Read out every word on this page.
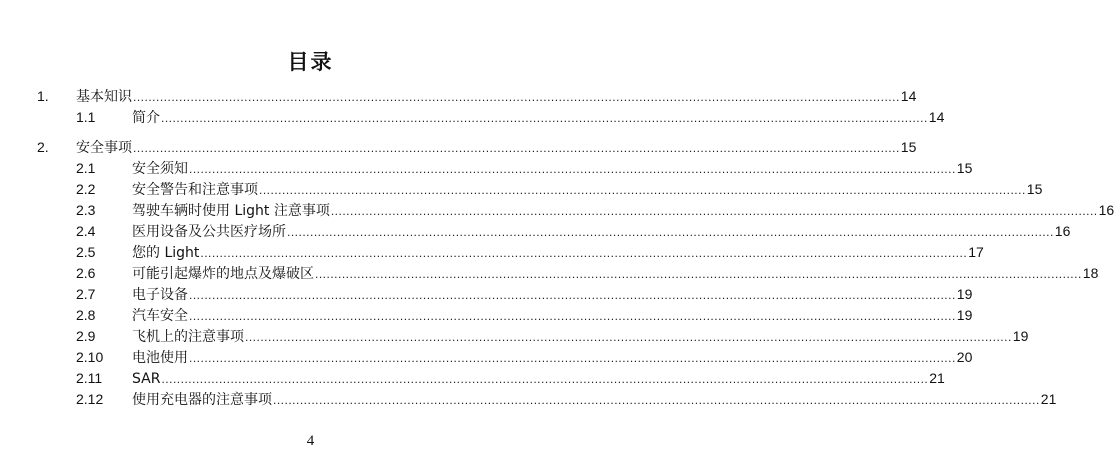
目录
1. 基本知识 ........................................................................................................................................................................................................ 14
1.1	简介 ........................................................................................................................................................................................................ 14
2. 安全事项 ........................................................................................................................................................................................................ 15
2.1	安全须知 ........................................................................................................................................................................................................ 15
2.2	安全警告和注意事项 ........................................................................................................................................................................................................ 15
2.3	驾驶车辆时使用 Light 注意事项 ........................................................................................................................................................................................................ 16
2.4	医用设备及公共医疗场所 ........................................................................................................................................................................................................ 16
2.5	您的 Light ........................................................................................................................................................................................................ 17
2.6	可能引起爆炸的地点及爆破区 ........................................................................................................................................................................................................ 18
2.7	电子设备 ........................................................................................................................................................................................................ 19
2.8	汽车安全 ........................................................................................................................................................................................................ 19
2.9	飞机上的注意事项 ........................................................................................................................................................................................................ 19
2.10 电池使用 ........................................................................................................................................................................................................ 20
2.11 SAR ........................................................................................................................................................................................................ 21
2.12 使用充电器的注意事项 ........................................................................................................................................................................................................ 21
4
